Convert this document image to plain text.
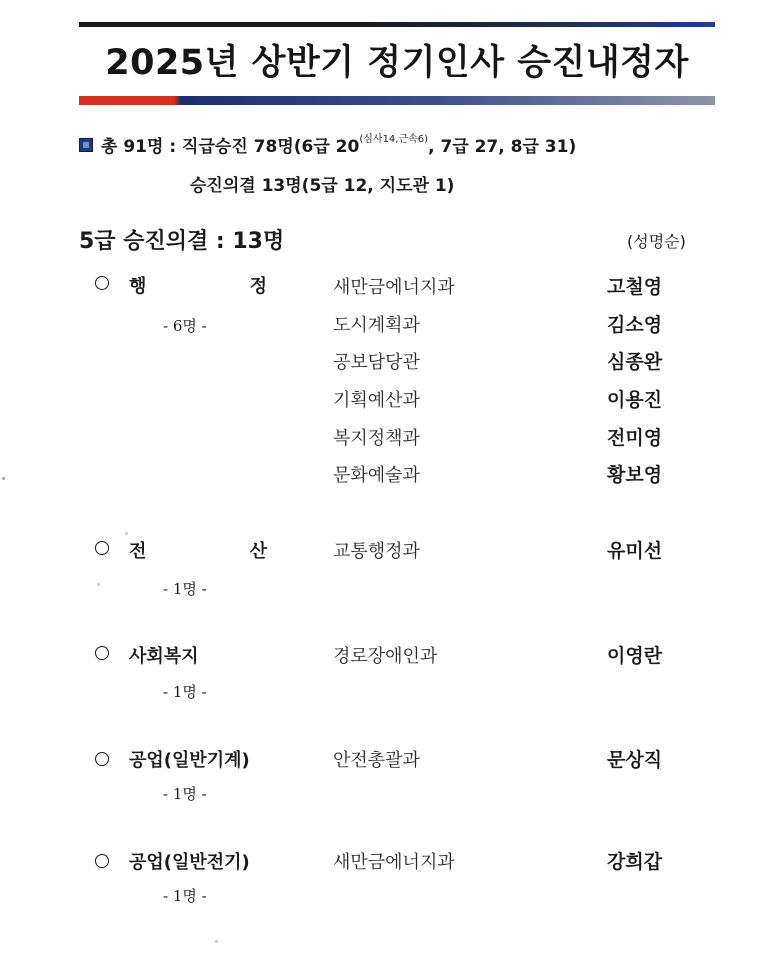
2025년 상반기 정기인사 승진내정자
총 91명 : 직급승진 78명(6급 $20^{(심사14,근속6)}$, 7급 27, 8급 31)
승진의결 13명(5급 12, 지도관 1)
5급 승진의결 : 13명	(성명순)
행 정
- 6명 -
새만금에너지과	고철영
도시계획과	김소영
공보담당관	심종완
기획예산과	이용진
복지정책과	전미영
문화예술과	황보영
전 산
- 1명 -
교통행정과	유미선
사회복지
- 1명 -
경로장애인과	이영란
공업(일반기계)
- 1명 -
안전총괄과	문상직
공업(일반전기)
- 1명 -
새만금에너지과	강희갑
